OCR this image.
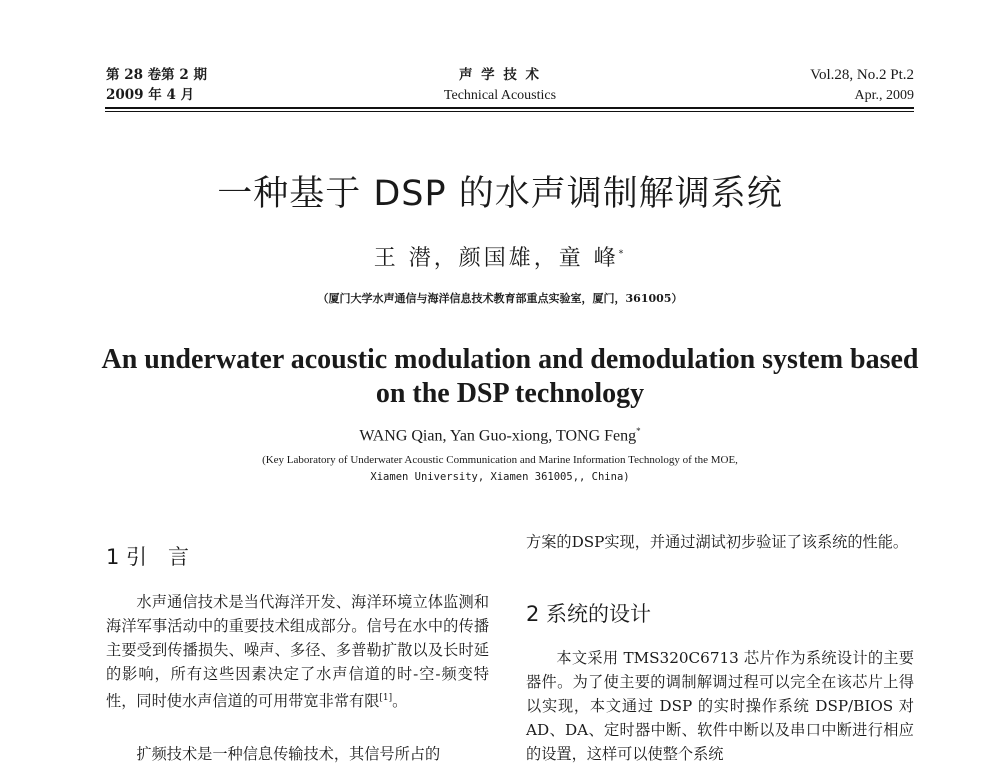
第 28 卷第 2 期
2009 年 4 月
声 学 技 术
Technical Acoustics
Vol.28, No.2 Pt.2
Apr., 2009
一种基于 DSP 的水声调制解调系统
王 潜，颜国雄，童 峰*
（厦门大学水声通信与海洋信息技术教育部重点实验室，厦门，361005）
An underwater acoustic modulation and demodulation system based
on the DSP technology
WANG Qian, Yan Guo-xiong, TONG Feng*
(Key Laboratory of Underwater Acoustic Communication and Marine Information Technology of the MOE,
Xiamen University, Xiamen 361005,, China)
1 引　言
水声通信技术是当代海洋开发、海洋环境立体监测和海洋军事活动中的重要技术组成部分。信号在水中的传播主要受到传播损失、噪声、多径、多普勒扩散以及长时延的影响，所有这些因素决定了水声信道的时-空-频变特性，同时使水声信道的可用带宽非常有限[1]。
扩频技术是一种信息传输技术，其信号所占的
方案的DSP实现，并通过湖试初步验证了该系统的性能。
2 系统的设计
本文采用 TMS320C6713 芯片作为系统设计的主要器件。为了使主要的调制解调过程可以完全在该芯片上得以实现，本文通过 DSP 的实时操作系统 DSP/BIOS 对 AD、DA、定时器中断、软件中断以及串口中断进行相应的设置，这样可以使整个系统
